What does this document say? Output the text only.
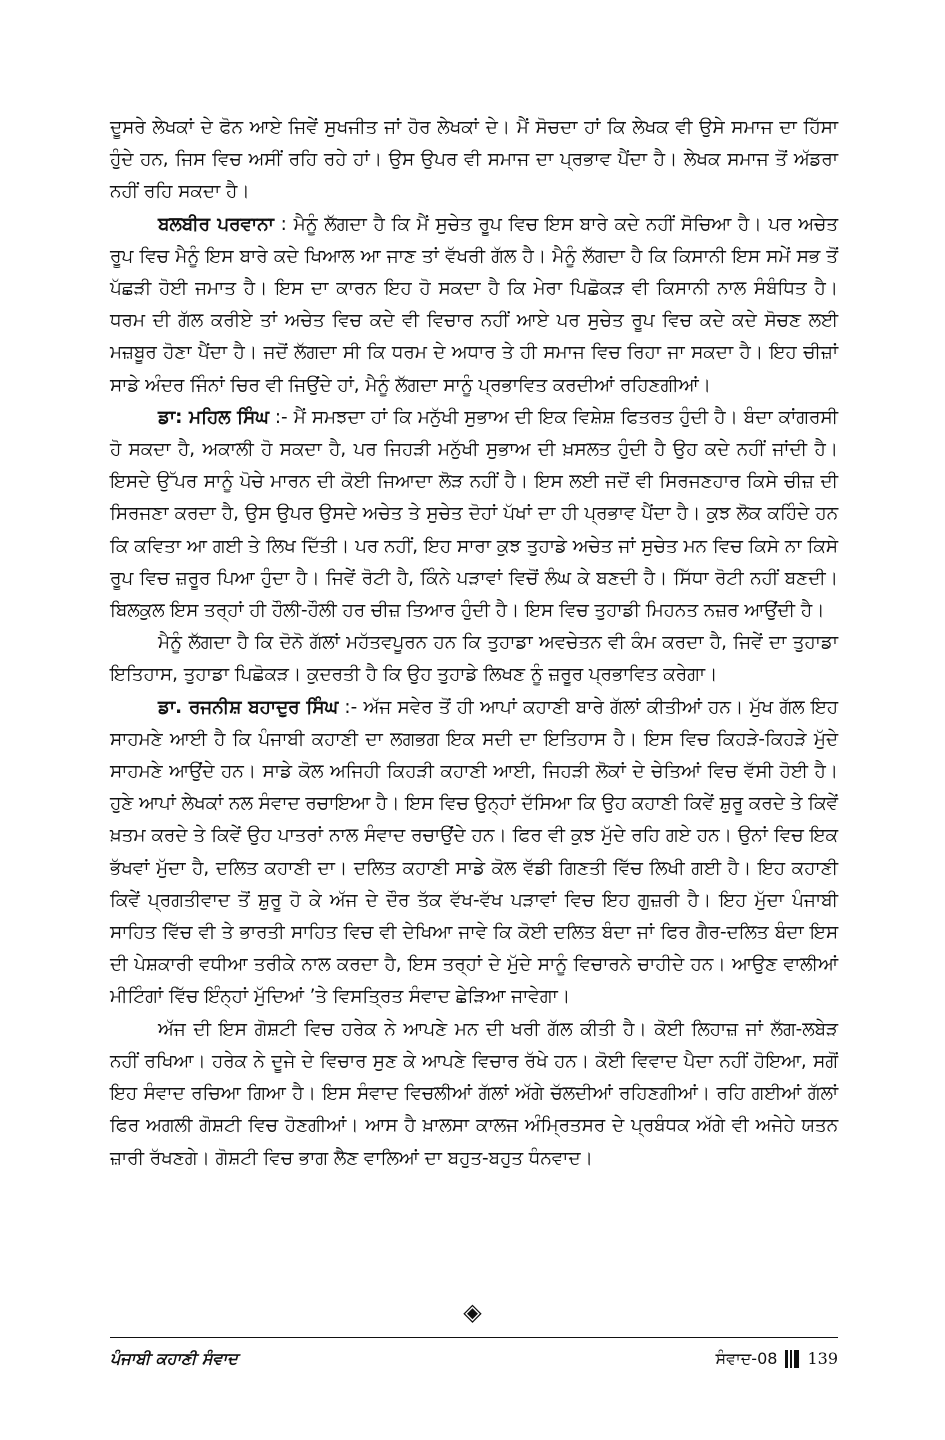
ਦੂਸਰੇ ਲੇਖਕਾਂ ਦੇ ਫੋਨ ਆਏ ਜਿਵੇਂ ਸੁਖਜੀਤ ਜਾਂ ਹੋਰ ਲੇਖਕਾਂ ਦੇ। ਮੈਂ ਸੋਚਦਾ ਹਾਂ ਕਿ ਲੇਖਕ ਵੀ ਉਸੇ ਸਮਾਜ ਦਾ ਹਿੱਸਾ ਹੁੰਦੇ ਹਨ, ਜਿਸ ਵਿਚ ਅਸੀਂ ਰਹਿ ਰਹੇ ਹਾਂ। ਉਸ ਉਪਰ ਵੀ ਸਮਾਜ ਦਾ ਪ੍ਰਭਾਵ ਪੈਂਦਾ ਹੈ। ਲੇਖਕ ਸਮਾਜ ਤੋਂ ਅੱਡਰਾ ਨਹੀਂ ਰਹਿ ਸਕਦਾ ਹੈ।

ਬਲਬੀਰ ਪਰਵਾਨਾ : ਮੈਨੂੰ ਲੱਗਦਾ ਹੈ ਕਿ ਮੈਂ ਸੁਚੇਤ ਰੂਪ ਵਿਚ ਇਸ ਬਾਰੇ ਕਦੇ ਨਹੀਂ ਸੋਚਿਆ ਹੈ। ਪਰ ਅਚੇਤ ਰੂਪ ਵਿਚ ਮੈਨੂੰ ਇਸ ਬਾਰੇ ਕਦੇ ਖਿਆਲ ਆ ਜਾਣ ਤਾਂ ਵੱਖਰੀ ਗੱਲ ਹੈ। ਮੈਨੂੰ ਲੱਗਦਾ ਹੈ ਕਿ ਕਿਸਾਨੀ ਇਸ ਸਮੇਂ ਸਭ ਤੋਂ ਪੱਛੜੀ ਹੋਈ ਜਮਾਤ ਹੈ। ਇਸ ਦਾ ਕਾਰਨ ਇਹ ਹੋ ਸਕਦਾ ਹੈ ਕਿ ਮੇਰਾ ਪਿਛੋਕੜ ਵੀ ਕਿਸਾਨੀ ਨਾਲ ਸੰਬੰਧਿਤ ਹੈ। ਧਰਮ ਦੀ ਗੱਲ ਕਰੀਏ ਤਾਂ ਅਚੇਤ ਵਿਚ ਕਦੇ ਵੀ ਵਿਚਾਰ ਨਹੀਂ ਆਏ ਪਰ ਸੁਚੇਤ ਰੂਪ ਵਿਚ ਕਦੇ ਕਦੇ ਸੋਚਣ ਲਈ ਮਜ਼ਬੂਰ ਹੋਣਾ ਪੈਂਦਾ ਹੈ। ਜਦੋਂ ਲੱਗਦਾ ਸੀ ਕਿ ਧਰਮ ਦੇ ਅਧਾਰ ਤੇ ਹੀ ਸਮਾਜ ਵਿਚ ਰਿਹਾ ਜਾ ਸਕਦਾ ਹੈ। ਇਹ ਚੀਜ਼ਾਂ ਸਾਡੇ ਅੰਦਰ ਜਿੰਨਾਂ ਚਿਰ ਵੀ ਜਿਉਂਦੇ ਹਾਂ, ਮੈਨੂੰ ਲੱਗਦਾ ਸਾਨੂੰ ਪ੍ਰਭਾਵਿਤ ਕਰਦੀਆਂ ਰਹਿਣਗੀਆਂ।

ਡਾ: ਮਹਿਲ ਸਿੰਘ :- ਮੈਂ ਸਮਝਦਾ ਹਾਂ ਕਿ ਮਨੁੱਖੀ ਸੁਭਾਅ ਦੀ ਇਕ ਵਿਸ਼ੇਸ਼ ਫਿਤਰਤ ਹੁੰਦੀ ਹੈ। ਬੰਦਾ ਕਾਂਗਰਸੀ ਹੋ ਸਕਦਾ ਹੈ, ਅਕਾਲੀ ਹੋ ਸਕਦਾ ਹੈ, ਪਰ ਜਿਹੜੀ ਮਨੁੱਖੀ ਸੁਭਾਅ ਦੀ ਖ਼ਸਲਤ ਹੁੰਦੀ ਹੈ ਉਹ ਕਦੇ ਨਹੀਂ ਜਾਂਦੀ ਹੈ। ਇਸਦੇ ਉੱਪਰ ਸਾਨੂੰ ਪੋਚੇ ਮਾਰਨ ਦੀ ਕੋਈ ਜਿਆਦਾ ਲੋੜ ਨਹੀਂ ਹੈ। ਇਸ ਲਈ ਜਦੋਂ ਵੀ ਸਿਰਜਣਹਾਰ ਕਿਸੇ ਚੀਜ਼ ਦੀ ਸਿਰਜਣਾ ਕਰਦਾ ਹੈ, ਉਸ ਉਪਰ ਉਸਦੇ ਅਚੇਤ ਤੇ ਸੁਚੇਤ ਦੋਹਾਂ ਪੱਖਾਂ ਦਾ ਹੀ ਪ੍ਰਭਾਵ ਪੈਂਦਾ ਹੈ। ਕੁਝ ਲੋਕ ਕਹਿੰਦੇ ਹਨ ਕਿ ਕਵਿਤਾ ਆ ਗਈ ਤੇ ਲਿਖ ਦਿੱਤੀ। ਪਰ ਨਹੀਂ, ਇਹ ਸਾਰਾ ਕੁਝ ਤੁਹਾਡੇ ਅਚੇਤ ਜਾਂ ਸੁਚੇਤ ਮਨ ਵਿਚ ਕਿਸੇ ਨਾ ਕਿਸੇ ਰੂਪ ਵਿਚ ਜ਼ਰੂਰ ਪਿਆ ਹੁੰਦਾ ਹੈ। ਜਿਵੇਂ ਰੋਟੀ ਹੈ, ਕਿੰਨੇ ਪੜਾਵਾਂ ਵਿਚੋਂ ਲੰਘ ਕੇ ਬਣਦੀ ਹੈ। ਸਿੱਧਾ ਰੋਟੀ ਨਹੀਂ ਬਣਦੀ। ਬਿਲਕੁਲ ਇਸ ਤਰ੍ਹਾਂ ਹੀ ਹੌਲੀ-ਹੌਲੀ ਹਰ ਚੀਜ਼ ਤਿਆਰ ਹੁੰਦੀ ਹੈ। ਇਸ ਵਿਚ ਤੁਹਾਡੀ ਮਿਹਨਤ ਨਜ਼ਰ ਆਉਂਦੀ ਹੈ।

ਮੈਨੂੰ ਲੱਗਦਾ ਹੈ ਕਿ ਦੋਨੋ ਗੱਲਾਂ ਮਹੱਤਵਪੂਰਨ ਹਨ ਕਿ ਤੁਹਾਡਾ ਅਵਚੇਤਨ ਵੀ ਕੰਮ ਕਰਦਾ ਹੈ, ਜਿਵੇਂ ਦਾ ਤੁਹਾਡਾ ਇਤਿਹਾਸ, ਤੁਹਾਡਾ ਪਿਛੋਕੜ। ਕੁਦਰਤੀ ਹੈ ਕਿ ਉਹ ਤੁਹਾਡੇ ਲਿਖਣ ਨੂੰ ਜ਼ਰੂਰ ਪ੍ਰਭਾਵਿਤ ਕਰੇਗਾ।

ਡਾ. ਰਜਨੀਸ਼ ਬਹਾਦੁਰ ਸਿੰਘ :- ਅੱਜ ਸਵੇਰ ਤੋਂ ਹੀ ਆਪਾਂ ਕਹਾਣੀ ਬਾਰੇ ਗੱਲਾਂ ਕੀਤੀਆਂ ਹਨ। ਮੁੱਖ ਗੱਲ ਇਹ ਸਾਹਮਣੇ ਆਈ ਹੈ ਕਿ ਪੰਜਾਬੀ ਕਹਾਣੀ ਦਾ ਲਗਭਗ ਇਕ ਸਦੀ ਦਾ ਇਤਿਹਾਸ ਹੈ। ਇਸ ਵਿਚ ਕਿਹੜੇ-ਕਿਹੜੇ ਮੁੱਦੇ ਸਾਹਮਣੇ ਆਉਂਦੇ ਹਨ। ਸਾਡੇ ਕੋਲ ਅਜਿਹੀ ਕਿਹੜੀ ਕਹਾਣੀ ਆਈ, ਜਿਹੜੀ ਲੋਕਾਂ ਦੇ ਚੇਤਿਆਂ ਵਿਚ ਵੱਸੀ ਹੋਈ ਹੈ। ਹੁਣੇ ਆਪਾਂ ਲੇਖਕਾਂ ਨਲ ਸੰਵਾਦ ਰਚਾਇਆ ਹੈ। ਇਸ ਵਿਚ ਉਨ੍ਹਾਂ ਦੱਸਿਆ ਕਿ ਉਹ ਕਹਾਣੀ ਕਿਵੇਂ ਸ਼ੁਰੂ ਕਰਦੇ ਤੇ ਕਿਵੇਂ ਖ਼ਤਮ ਕਰਦੇ ਤੇ ਕਿਵੇਂ ਉਹ ਪਾਤਰਾਂ ਨਾਲ ਸੰਵਾਦ ਰਚਾਉਂਦੇ ਹਨ। ਫਿਰ ਵੀ ਕੁਝ ਮੁੱਦੇ ਰਹਿ ਗਏ ਹਨ। ਉਨਾਂ ਵਿਚ ਇਕ ਭੱਖਵਾਂ ਮੁੱਦਾ ਹੈ, ਦਲਿਤ ਕਹਾਣੀ ਦਾ। ਦਲਿਤ ਕਹਾਣੀ ਸਾਡੇ ਕੋਲ ਵੱਡੀ ਗਿਣਤੀ ਵਿੱਚ ਲਿਖੀ ਗਈ ਹੈ। ਇਹ ਕਹਾਣੀ ਕਿਵੇਂ ਪ੍ਰਗਤੀਵਾਦ ਤੋਂ ਸ਼ੁਰੂ ਹੋ ਕੇ ਅੱਜ ਦੇ ਦੌਰ ਤੱਕ ਵੱਖ-ਵੱਖ ਪੜਾਵਾਂ ਵਿਚ ਇਹ ਗੁਜ਼ਰੀ ਹੈ। ਇਹ ਮੁੱਦਾ ਪੰਜਾਬੀ ਸਾਹਿਤ ਵਿੱਚ ਵੀ ਤੇ ਭਾਰਤੀ ਸਾਹਿਤ ਵਿਚ ਵੀ ਦੇਖਿਆ ਜਾਵੇ ਕਿ ਕੋਈ ਦਲਿਤ ਬੰਦਾ ਜਾਂ ਫਿਰ ਗੈਰ-ਦਲਿਤ ਬੰਦਾ ਇਸ ਦੀ ਪੇਸ਼ਕਾਰੀ ਵਧੀਆ ਤਰੀਕੇ ਨਾਲ ਕਰਦਾ ਹੈ, ਇਸ ਤਰ੍ਹਾਂ ਦੇ ਮੁੱਦੇ ਸਾਨੂੰ ਵਿਚਾਰਨੇ ਚਾਹੀਦੇ ਹਨ। ਆਉਣ ਵਾਲੀਆਂ ਮੀਟਿੰਗਾਂ ਵਿੱਚ ਇੰਨ੍ਹਾਂ ਮੁੱਦਿਆਂ ’ਤੇ ਵਿਸਤ੍ਰਿਤ ਸੰਵਾਦ ਛੇੜਿਆ ਜਾਵੇਗਾ।

ਅੱਜ ਦੀ ਇਸ ਗੋਸ਼ਟੀ ਵਿਚ ਹਰੇਕ ਨੇ ਆਪਣੇ ਮਨ ਦੀ ਖਰੀ ਗੱਲ ਕੀਤੀ ਹੈ। ਕੋਈ ਲਿਹਾਜ਼ ਜਾਂ ਲੱਗ-ਲਬੇੜ ਨਹੀਂ ਰਖਿਆ। ਹਰੇਕ ਨੇ ਦੂਜੇ ਦੇ ਵਿਚਾਰ ਸੁਣ ਕੇ ਆਪਣੇ ਵਿਚਾਰ ਰੱਖੇ ਹਨ। ਕੋਈ ਵਿਵਾਦ ਪੈਦਾ ਨਹੀਂ ਹੋਇਆ, ਸਗੋਂ ਇਹ ਸੰਵਾਦ ਰਚਿਆ ਗਿਆ ਹੈ। ਇਸ ਸੰਵਾਦ ਵਿਚਲੀਆਂ ਗੱਲਾਂ ਅੱਗੇ ਚੱਲਦੀਆਂ ਰਹਿਣਗੀਆਂ। ਰਹਿ ਗਈਆਂ ਗੱਲਾਂ ਫਿਰ ਅਗਲੀ ਗੋਸ਼ਟੀ ਵਿਚ ਹੋਣਗੀਆਂ। ਆਸ ਹੈ ਖ਼ਾਲਸਾ ਕਾਲਜ ਅੰਮ੍ਰਿਤਸਰ ਦੇ ਪ੍ਰਬੰਧਕ ਅੱਗੇ ਵੀ ਅਜੇਹੇ ਯਤਨ ਜ਼ਾਰੀ ਰੱਖਣਗੇ। ਗੋਸ਼ਟੀ ਵਿਚ ਭਾਗ ਲੈਣ ਵਾਲਿਆਂ ਦਾ ਬਹੁਤ-ਬਹੁਤ ਧੰਨਵਾਦ।

◈
ਪੰਜਾਬੀ ਕਹਾਣੀ ਸੰਵਾਦ	ਸੰਵਾਦ-08 139
